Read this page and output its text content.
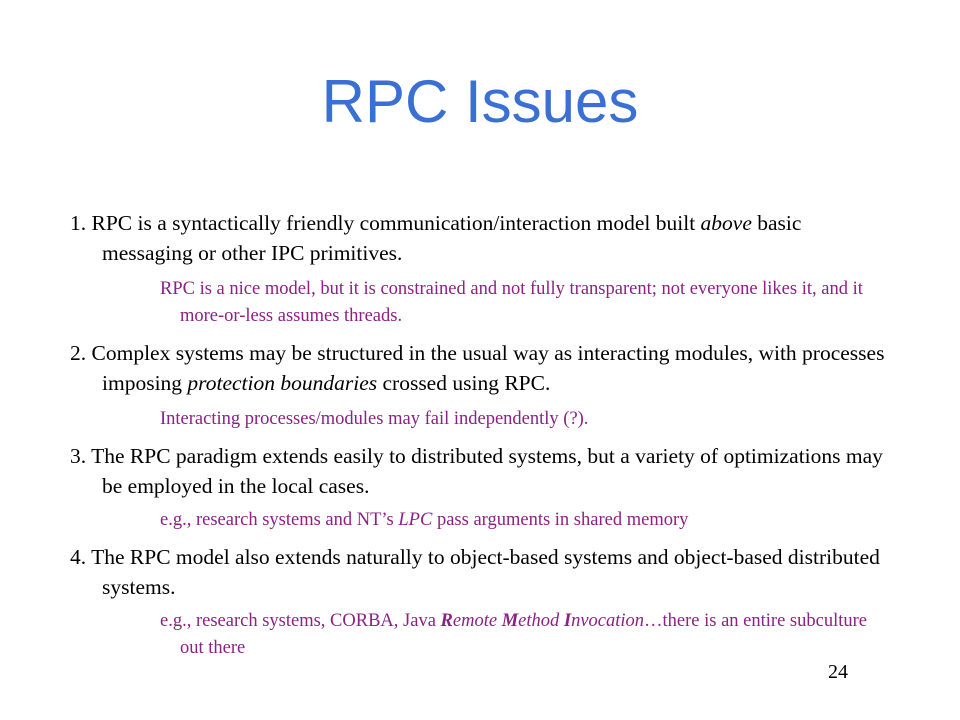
RPC Issues

1. RPC is a syntactically friendly communication/interaction model built above basic messaging or other IPC primitives.

RPC is a nice model, but it is constrained and not fully transparent; not everyone likes it, and it more-or-less assumes threads.

2. Complex systems may be structured in the usual way as interacting modules, with processes imposing protection boundaries crossed using RPC.

Interacting processes/modules may fail independently (?).

3. The RPC paradigm extends easily to distributed systems, but a variety of optimizations may be employed in the local cases.

e.g., research systems and NT’s LPC pass arguments in shared memory

4. The RPC model also extends naturally to object-based systems and object-based distributed systems.

e.g., research systems, CORBA, Java Remote Method Invocation…there is an entire subculture out there

24
